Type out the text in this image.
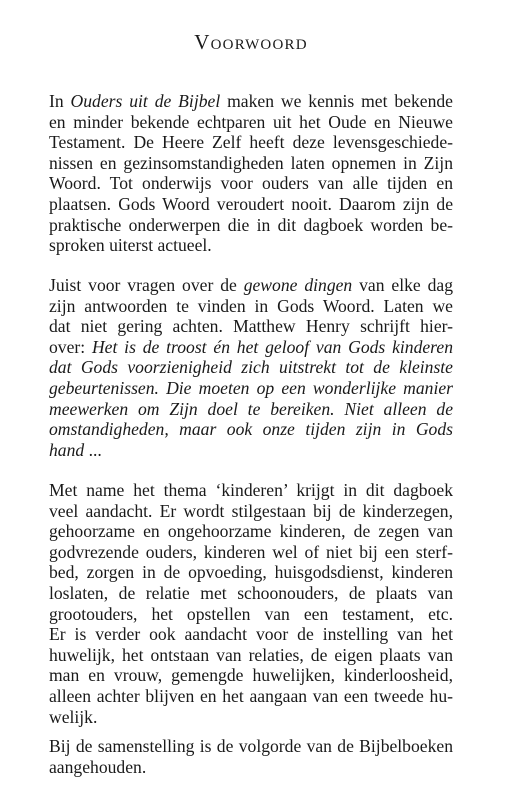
Voorwoord

In Ouders uit de Bijbel maken we kennis met bekende
en minder bekende echtparen uit het Oude en Nieuwe
Testament. De Heere Zelf heeft deze levensgeschiede-
nissen en gezinsomstandigheden laten opnemen in Zijn
Woord. Tot onderwijs voor ouders van alle tijden en
plaatsen. Gods Woord veroudert nooit. Daarom zijn de
praktische onderwerpen die in dit dagboek worden be-
sproken uiterst actueel.

Juist voor vragen over de gewone dingen van elke dag
zijn antwoorden te vinden in Gods Woord. Laten we
dat niet gering achten. Matthew Henry schrijft hier-
over: Het is de troost én het geloof van Gods kinderen
dat Gods voorzienigheid zich uitstrekt tot de kleinste
gebeurtenissen. Die moeten op een wonderlijke manier
meewerken om Zijn doel te bereiken. Niet alleen de
omstandigheden, maar ook onze tijden zijn in Gods
hand ...

Met name het thema ‘kinderen’ krijgt in dit dagboek
veel aandacht. Er wordt stilgestaan bij de kinderzegen,
gehoorzame en ongehoorzame kinderen, de zegen van
godvrezende ouders, kinderen wel of niet bij een sterf-
bed, zorgen in de opvoeding, huisgodsdienst, kinderen
loslaten, de relatie met schoonouders, de plaats van
grootouders, het opstellen van een testament, etc.
Er is verder ook aandacht voor de instelling van het
huwelijk, het ontstaan van relaties, de eigen plaats van
man en vrouw, gemengde huwelijken, kinderloosheid,
alleen achter blijven en het aangaan van een tweede hu-
welijk.

Bij de samenstelling is de volgorde van de Bijbelboeken
aangehouden.
